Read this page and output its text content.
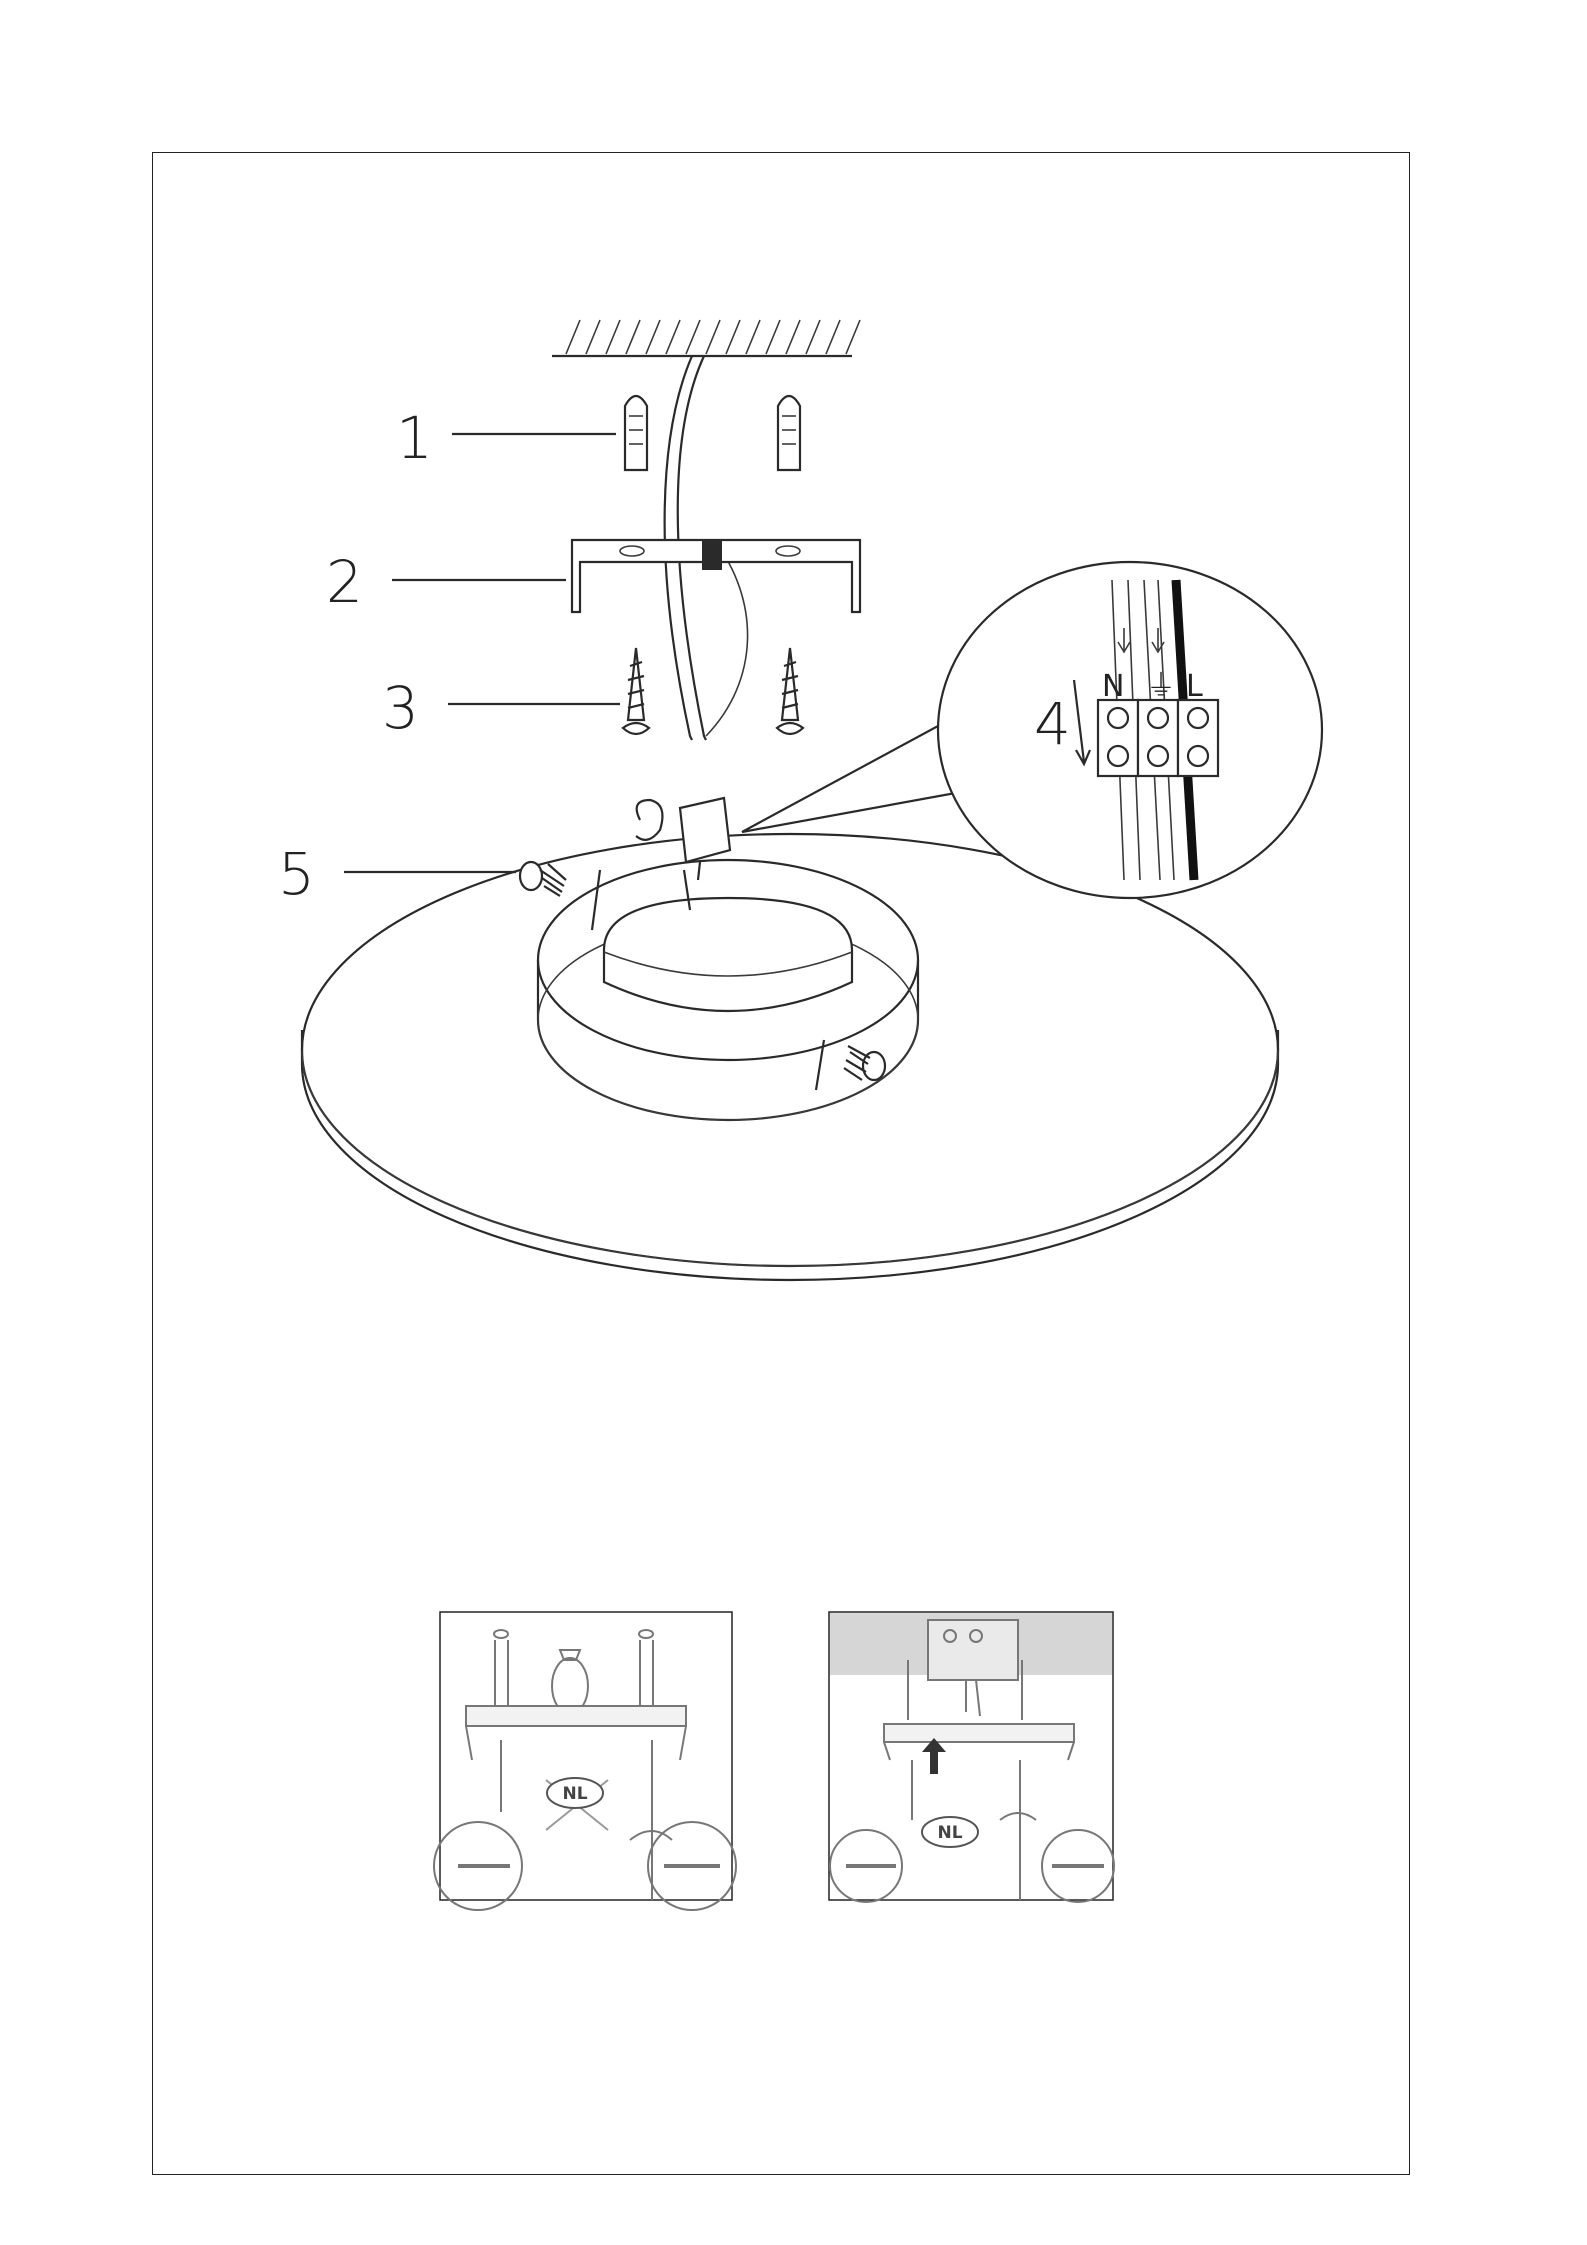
N ⏚ L
1
2
3	4
5
NL
NL
